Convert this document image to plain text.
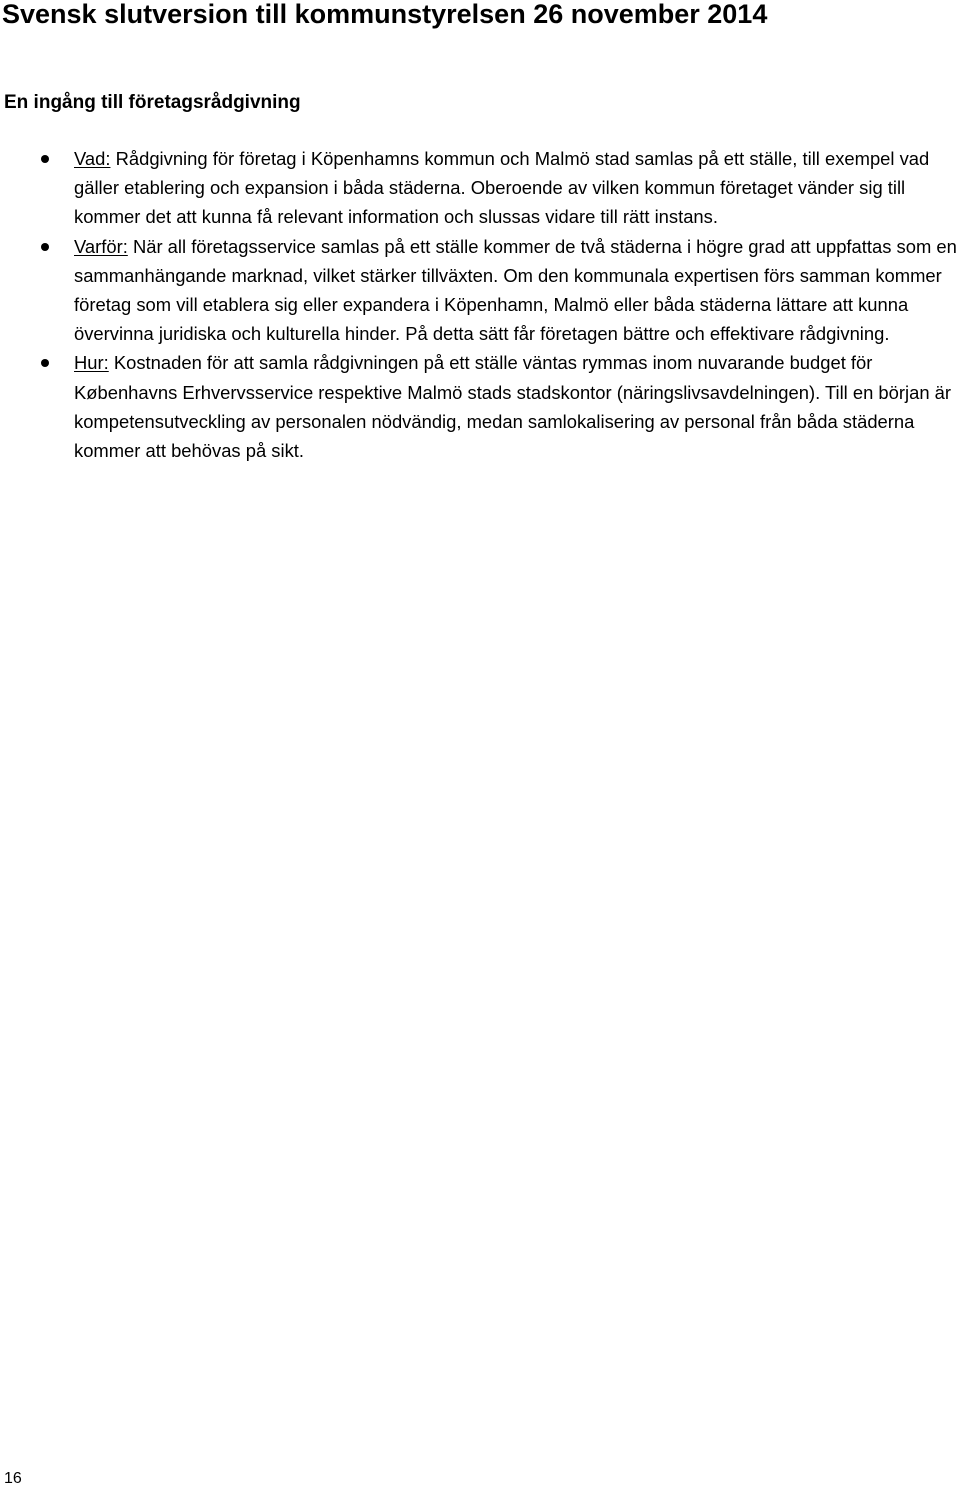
Svensk slutversion till kommunstyrelsen 26 november 2014
En ingång till företagsrådgivning
Vad: Rådgivning för företag i Köpenhamns kommun och Malmö stad samlas på ett ställe, till exempel vad gäller etablering och expansion i båda städerna. Oberoende av vilken kommun företaget vänder sig till kommer det att kunna få relevant information och slussas vidare till rätt instans.
Varför: När all företagsservice samlas på ett ställe kommer de två städerna i högre grad att uppfattas som en sammanhängande marknad, vilket stärker tillväxten. Om den kommunala expertisen förs samman kommer företag som vill etablera sig eller expandera i Köpenhamn, Malmö eller båda städerna lättare att kunna övervinna juridiska och kulturella hinder. På detta sätt får företagen bättre och effektivare rådgivning.
Hur: Kostnaden för att samla rådgivningen på ett ställe väntas rymmas inom nuvarande budget för Københavns Erhvervsservice respektive Malmö stads stadskontor (näringslivsavdelningen). Till en början är kompetensutveckling av personalen nödvändig, medan samlokalisering av personal från båda städerna kommer att behövas på sikt.
16
